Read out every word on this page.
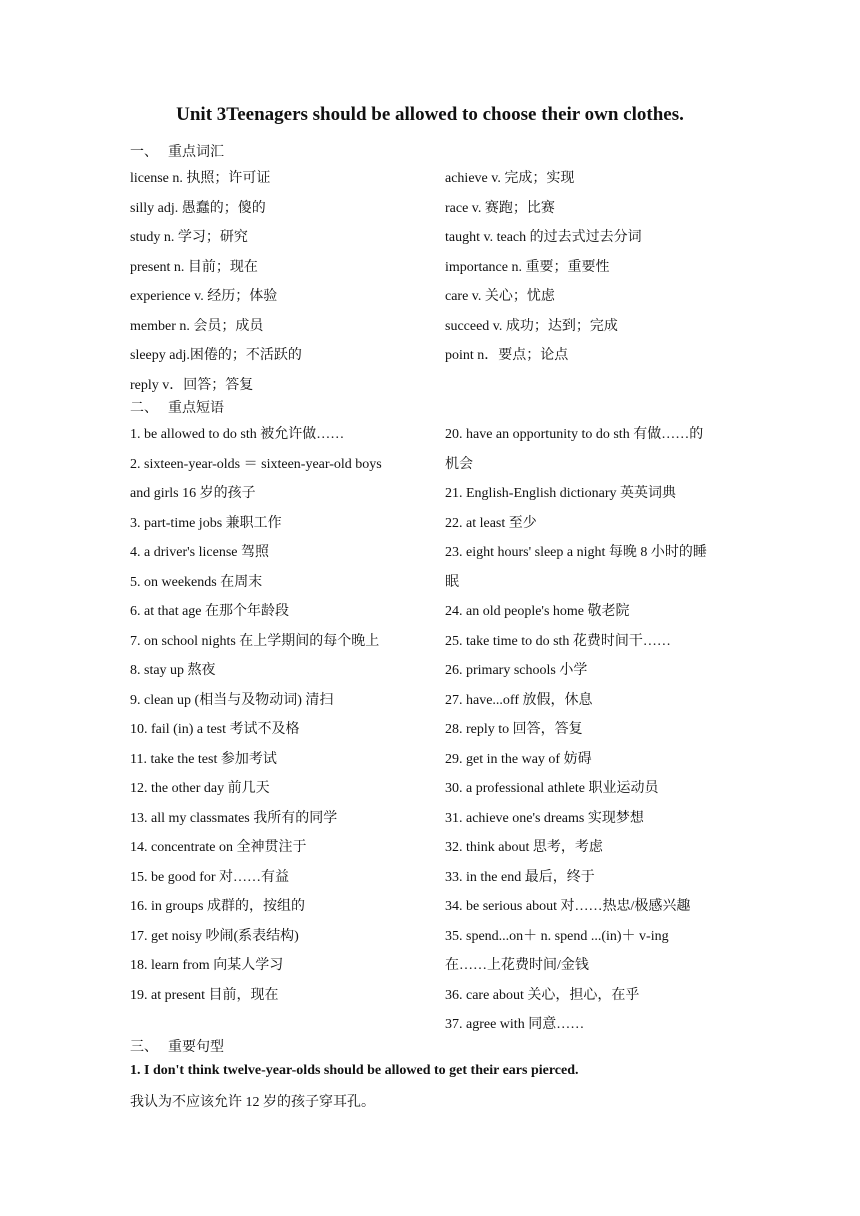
Unit 3Teenagers should be allowed to choose their own clothes.
一、 重点词汇
license n. 执照；许可证
silly adj. 愚蠢的；傻的
study n. 学习；研究
present n. 目前；现在
experience v. 经历；体验
member n. 会员；成员
sleepy adj.困倦的；不活跃的
reply v．回答；答复
achieve v. 完成；实现
race v. 赛跑；比赛
taught v. teach 的过去式过去分词
importance n. 重要；重要性
care v. 关心；忧虑
succeed v. 成功；达到；完成
point n．要点；论点
二、 重点短语
1. be allowed to do sth 被允许做……
2. sixteen-year-olds ＝ sixteen-year-old boys
and girls 16 岁的孩子
3. part-time jobs 兼职工作
4. a driver's license 驾照
5. on weekends 在周末
6. at that age 在那个年龄段
7. on school nights 在上学期间的每个晚上
8. stay up 熬夜
9. clean up (相当与及物动词) 清扫
10. fail (in) a test 考试不及格
11. take the test 参加考试
12. the other day 前几天
13. all my classmates 我所有的同学
14. concentrate on 全神贯注于
15. be good for 对……有益
16. in groups 成群的，按组的
17. get noisy 吵闹(系表结构)
18. learn from 向某人学习
19. at present 目前，现在
20. have an opportunity to do sth 有做……的
机会
21. English-English dictionary 英英词典
22. at least 至少
23. eight hours' sleep a night 每晚 8 小时的睡
眠
24. an old people's home 敬老院
25. take time to do sth 花费时间干……
26. primary schools 小学
27. have...off 放假，休息
28. reply to 回答，答复
29. get in the way of 妨碍
30. a professional athlete 职业运动员
31. achieve one's dreams 实现梦想
32. think about 思考，考虑
33. in the end 最后，终于
34. be serious about 对……热忠/极感兴趣
35. spend...on＋ n. spend ...(in)＋ v-ing
在……上花费时间/金钱
36. care about 关心，担心，在乎
37. agree with 同意……
三、 重要句型
1. I don't think twelve-year-olds should be allowed to get their ears pierced.
我认为不应该允许 12 岁的孩子穿耳孔。
